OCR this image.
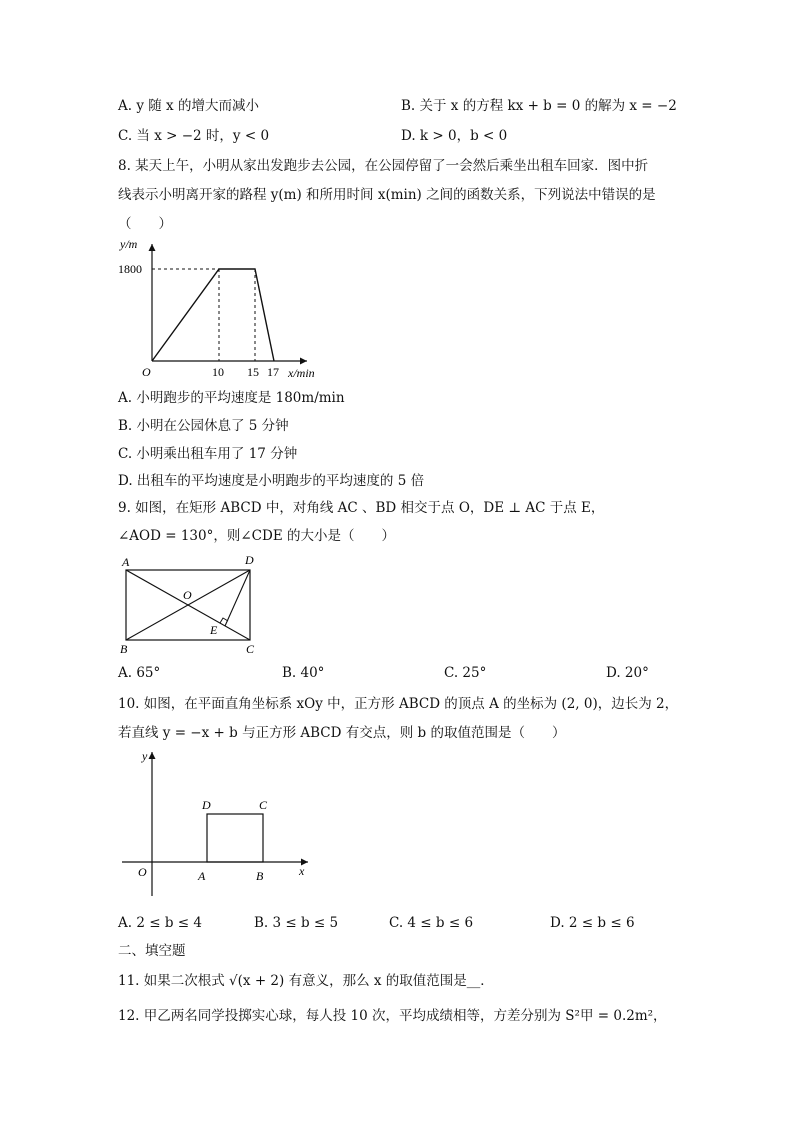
A. y 随 x 的增大而减小	B. 关于 x 的方程 kx + b = 0 的解为 x = −2
C. 当 x > −2 时，y < 0	D. k > 0，b < 0
8. 某天上午，小明从家出发跑步去公园，在公园停留了一会然后乘坐出租车回家．图中折
线表示小明离开家的路程 y(m) 和所用时间 x(min) 之间的函数关系，下列说法中错误的是
（　　）
y/m
1800
O	10 15 17 x/min
A. 小明跑步的平均速度是 180m/min
B. 小明在公园休息了 5 分钟
C. 小明乘出租车用了 17 分钟
D. 出租车的平均速度是小明跑步的平均速度的 5 倍
9. 如图，在矩形 ABCD 中，对角线 AC 、BD 相交于点 O，DE ⊥ AC 于点 E，
∠AOD = 130°，则∠CDE 的大小是（　　）
A	D
B	C
O
E
A. 65°	B. 40°	C. 25°	D. 20°
10. 如图，在平面直角坐标系 xOy 中，正方形 ABCD 的顶点 A 的坐标为 (2, 0)，边长为 2，
若直线 y = −x + b 与正方形 ABCD 有交点，则 b 的取值范围是（　　）
y
x
O	A	B
D	C
A. 2 ≤ b ≤ 4	B. 3 ≤ b ≤ 5	C. 4 ≤ b ≤ 6	D. 2 ≤ b ≤ 6
二、填空题
11. 如果二次根式 √(x + 2) 有意义，那么 x 的取值范围是__．
12. 甲乙两名同学投掷实心球，每人投 10 次，平均成绩相等，方差分别为 S²甲 = 0.2m²，
